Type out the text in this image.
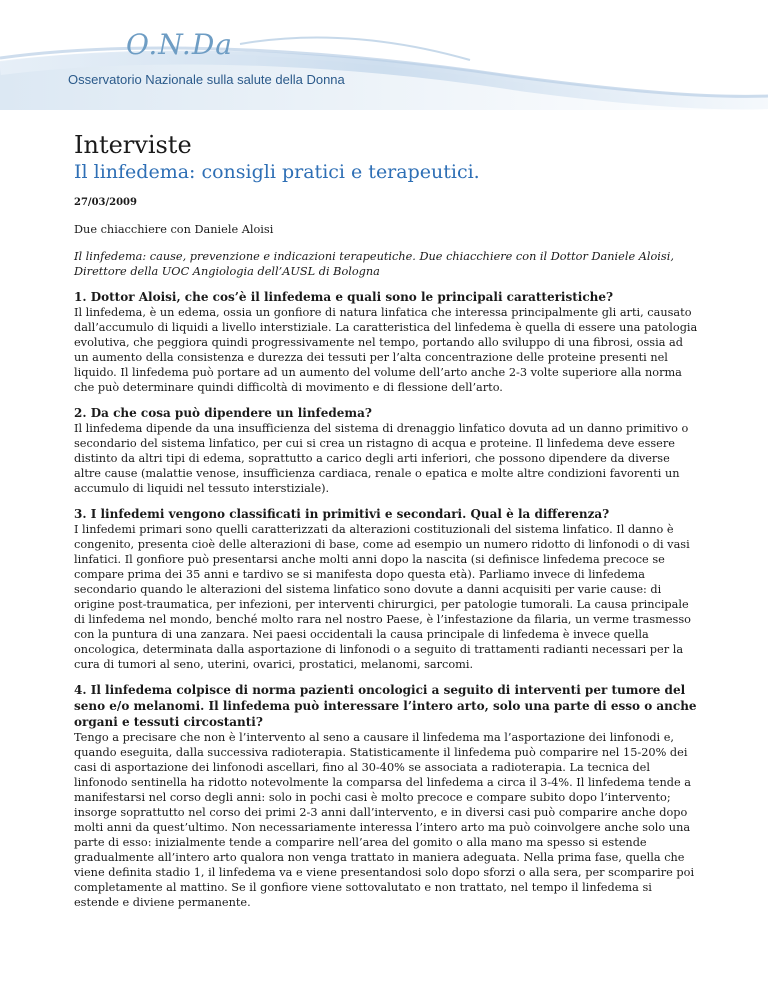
O.N.Da
Osservatorio Nazionale sulla salute della Donna
Interviste
Il linfedema: consigli pratici e terapeutici.

27/03/2009

Due chiacchiere con Daniele Aloisi

Il linfedema: cause, prevenzione e indicazioni terapeutiche. Due chiacchiere con il Dottor Daniele Aloisi, Direttore della UOC Angiologia dell’AUSL di Bologna

1. Dottor Aloisi, che cos’è il linfedema e quali sono le principali caratteristiche?

Il linfedema, è un edema, ossia un gonfiore di natura linfatica che interessa principalmente gli arti, causato dall’accumulo di liquidi a livello interstiziale. La caratteristica del linfedema è quella di essere una patologia evolutiva, che peggiora quindi progressivamente nel tempo, portando allo sviluppo di una fibrosi, ossia ad un aumento della consistenza e durezza dei tessuti per l’alta concentrazione delle proteine presenti nel liquido. Il linfedema può portare ad un aumento del volume dell’arto anche 2-3 volte superiore alla norma che può determinare quindi difficoltà di movimento e di flessione dell’arto.

2. Da che cosa può dipendere un linfedema?

Il linfedema dipende da una insufficienza del sistema di drenaggio linfatico dovuta ad un danno primitivo o secondario del sistema linfatico, per cui si crea un ristagno di acqua e proteine. Il linfedema deve essere distinto da altri tipi di edema, soprattutto a carico degli arti inferiori, che possono dipendere da diverse altre cause (malattie venose, insufficienza cardiaca, renale o epatica e molte altre condizioni favorenti un accumulo di liquidi nel tessuto interstiziale).

3. I linfedemi vengono classificati in primitivi e secondari. Qual è la differenza?

I linfedemi primari sono quelli caratterizzati da alterazioni costituzionali del sistema linfatico. Il danno è congenito, presenta cioè delle alterazioni di base, come ad esempio un numero ridotto di linfonodi o di vasi linfatici. Il gonfiore può presentarsi anche molti anni dopo la nascita (si definisce linfedema precoce se compare prima dei 35 anni e tardivo se si manifesta dopo questa età). Parliamo invece di linfedema secondario quando le alterazioni del sistema linfatico sono dovute a danni acquisiti per varie cause: di origine post-traumatica, per infezioni, per interventi chirurgici, per patologie tumorali. La causa principale di linfedema nel mondo, benché molto rara nel nostro Paese, è l’infestazione da filaria, un verme trasmesso con la puntura di una zanzara. Nei paesi occidentali la causa principale di linfedema è invece quella oncologica, determinata dalla asportazione di linfonodi o a seguito di trattamenti radianti necessari per la cura di tumori al seno, uterini, ovarici, prostatici, melanomi, sarcomi.

4. Il linfedema colpisce di norma pazienti oncologici a seguito di interventi per tumore del seno e/o melanomi. Il linfedema può interessare l’intero arto, solo una parte di esso o anche organi e tessuti circostanti?

Tengo a precisare che non è l’intervento al seno a causare il linfedema ma l’asportazione dei linfonodi e, quando eseguita, dalla successiva radioterapia. Statisticamente il linfedema può comparire nel 15-20% dei casi di asportazione dei linfonodi ascellari, fino al 30-40% se associata a radioterapia. La tecnica del linfonodo sentinella ha ridotto notevolmente la comparsa del linfedema a circa il 3-4%. Il linfedema tende a manifestarsi nel corso degli anni: solo in pochi casi è molto precoce e compare subito dopo l’intervento; insorge soprattutto nel corso dei primi 2-3 anni dall’intervento, e in diversi casi può comparire anche dopo molti anni da quest’ultimo. Non necessariamente interessa l’intero arto ma può coinvolgere anche solo una parte di esso: inizialmente tende a comparire nell’area del gomito o alla mano ma spesso si estende gradualmente all’intero arto qualora non venga trattato in maniera adeguata. Nella prima fase, quella che viene definita stadio 1, il linfedema va e viene presentandosi solo dopo sforzi o alla sera, per scomparire poi completamente al mattino. Se il gonfiore viene sottovalutato e non trattato, nel tempo il linfedema si estende e diviene permanente.
